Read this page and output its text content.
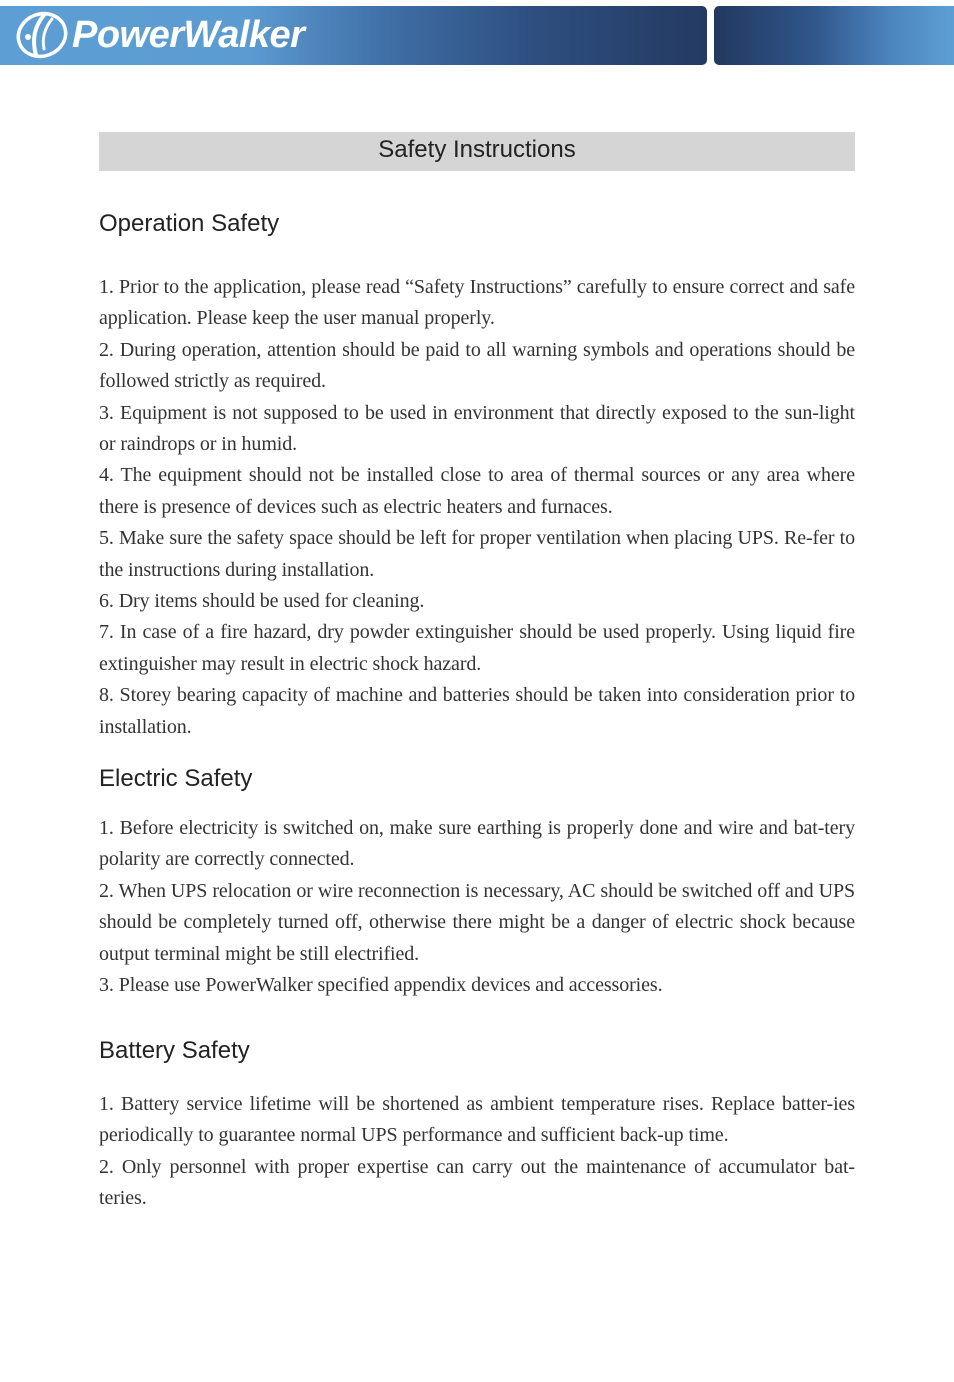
PowerWalker
Safety Instructions
Operation Safety

1. Prior to the application, please read “Safety Instructions” carefully to ensure correct and safe application. Please keep the user manual properly.

2. During operation, attention should be paid to all warning symbols and operations should be followed strictly as required.

3. Equipment is not supposed to be used in environment that directly exposed to the sun-light or raindrops or in humid.

4. The equipment should not be installed close to area of thermal sources or any area where there is presence of devices such as electric heaters and furnaces.

5. Make sure the safety space should be left for proper ventilation when placing UPS. Re-fer to the instructions during installation.

6. Dry items should be used for cleaning.

7. In case of a fire hazard, dry powder extinguisher should be used properly. Using liquid fire extinguisher may result in electric shock hazard.

8. Storey bearing capacity of machine and batteries should be taken into consideration prior to installation.

Electric Safety

1. Before electricity is switched on, make sure earthing is properly done and wire and bat-tery polarity are correctly connected.

2. When UPS relocation or wire reconnection is necessary, AC should be switched off and UPS should be completely turned off, otherwise there might be a danger of electric shock because output terminal might be still electrified.

3. Please use PowerWalker specified appendix devices and accessories.

Battery Safety

1. Battery service lifetime will be shortened as ambient temperature rises. Replace batter-ies periodically to guarantee normal UPS performance and sufficient back-up time.

2. Only personnel with proper expertise can carry out the maintenance of accumulator bat-teries.
